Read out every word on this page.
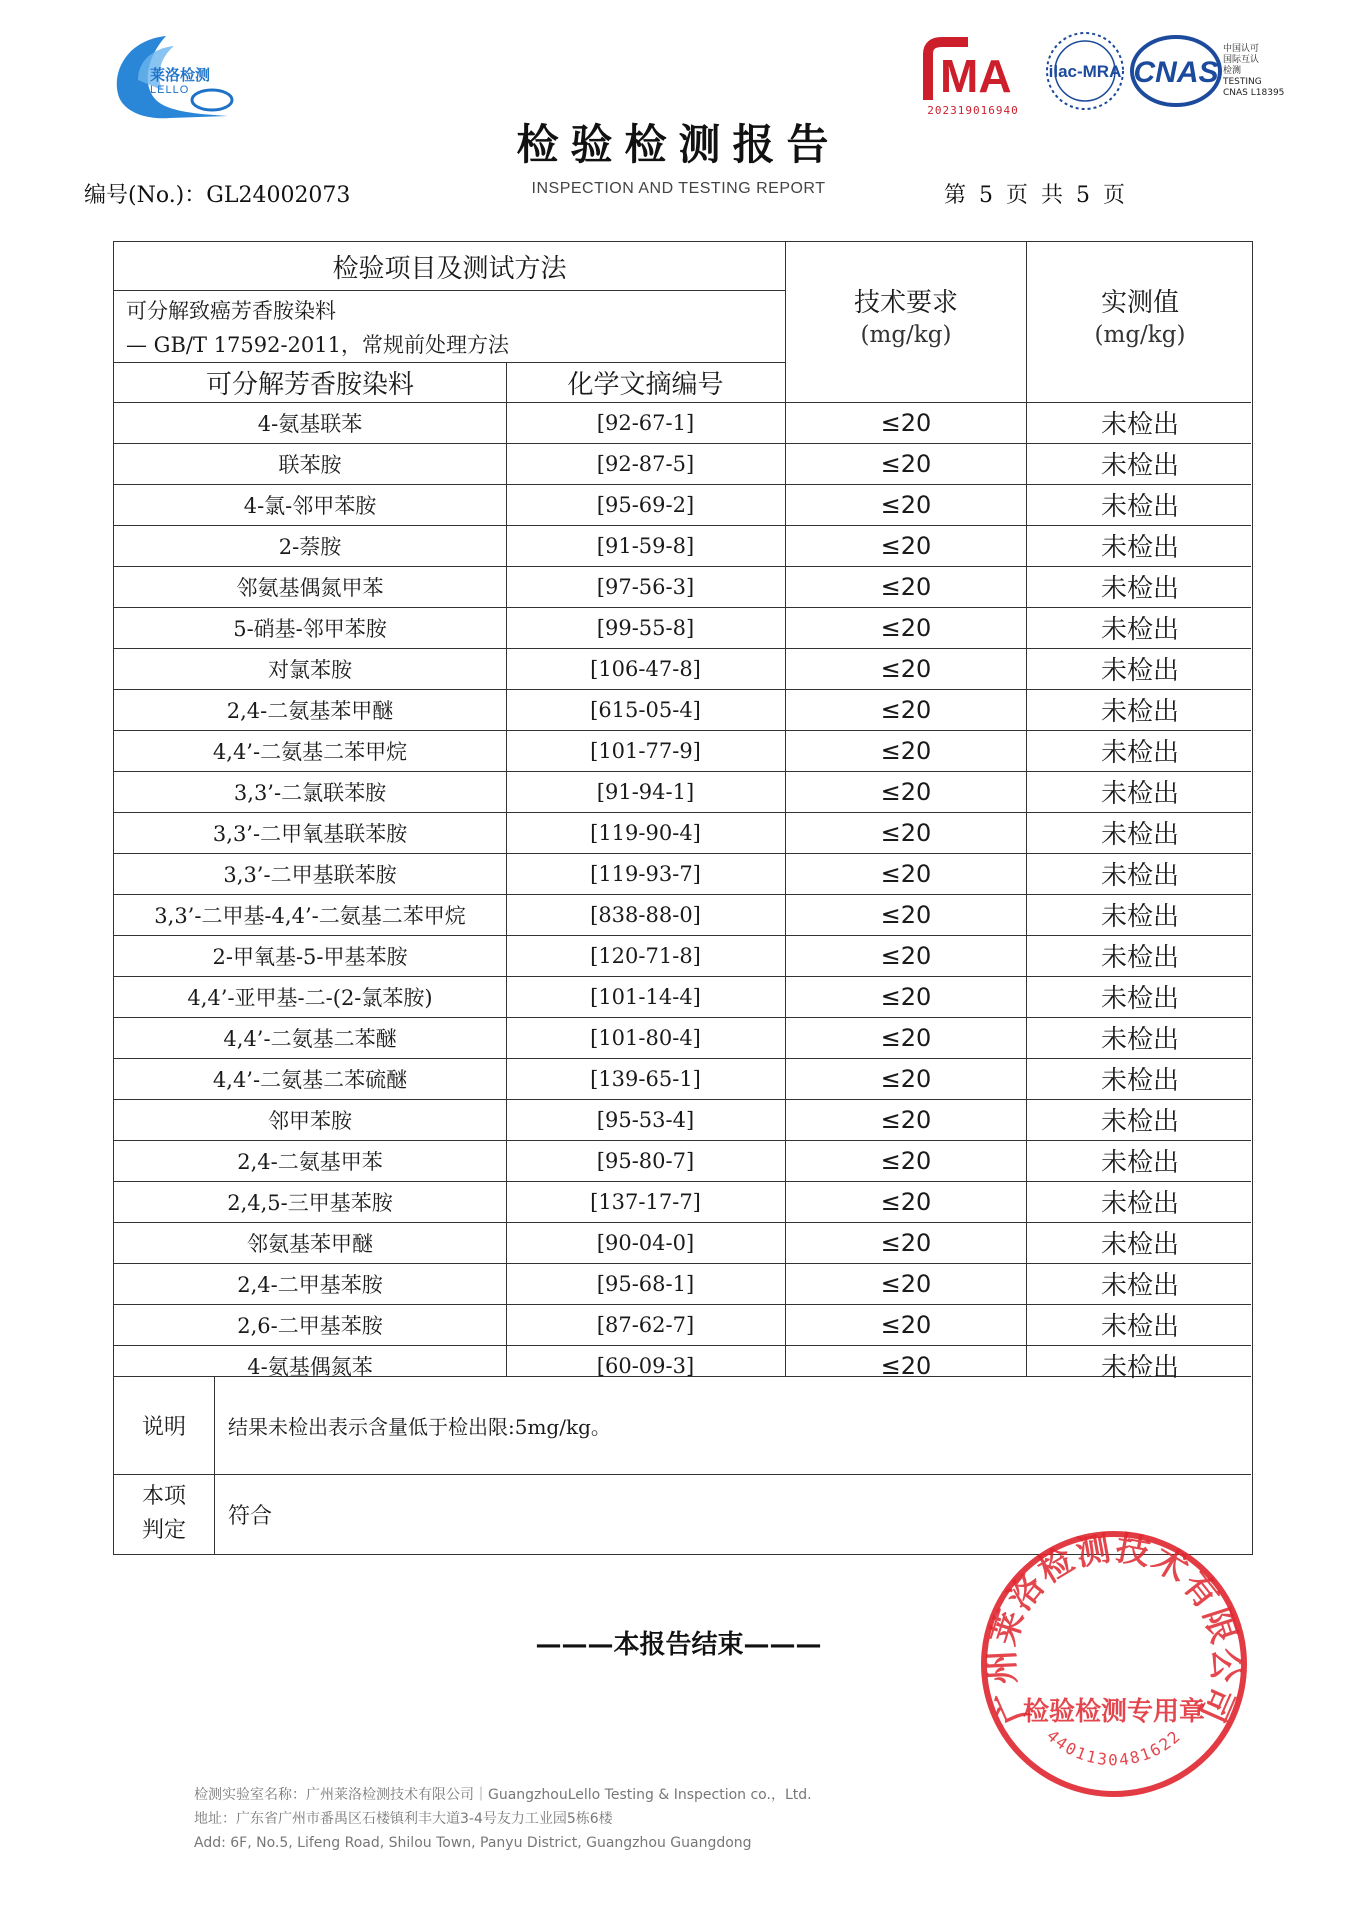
莱洛检测
LELLO	MA
202319016940
ilac-MRA CNAS
中国认可
国际互认
检测
TESTING
CNAS L18395
检验检测报告
编号(No.)：GL24002073	INSPECTION AND TESTING REPORT	第 5 页 共 5 页
检验项目及测试方法
可分解致癌芳香胺染料
— GB/T 17592-2011，常规前处理方法
可分解芳香胺染料	化学文摘编号
技术要求
(mg/kg)
实测值
(mg/kg)
4-氨基联苯	[92-67-1]	≤20	未检出
联苯胺	[92-87-5]	≤20	未检出
4-氯-邻甲苯胺	[95-69-2]	≤20	未检出
2-萘胺	[91-59-8]	≤20	未检出
邻氨基偶氮甲苯	[97-56-3]	≤20	未检出
5-硝基-邻甲苯胺	[99-55-8]	≤20	未检出
对氯苯胺	[106-47-8]	≤20	未检出
2,4-二氨基苯甲醚	[615-05-4]	≤20	未检出
4,4’-二氨基二苯甲烷	[101-77-9]	≤20	未检出
3,3’-二氯联苯胺	[91-94-1]	≤20	未检出
3,3’-二甲氧基联苯胺	[119-90-4]	≤20	未检出
3,3’-二甲基联苯胺	[119-93-7]	≤20	未检出
3,3’-二甲基-4,4’-二氨基二苯甲烷	[838-88-0]	≤20	未检出
2-甲氧基-5-甲基苯胺	[120-71-8]	≤20	未检出
4,4’-亚甲基-二-(2-氯苯胺)	[101-14-4]	≤20	未检出
4,4’-二氨基二苯醚	[101-80-4]	≤20	未检出
4,4’-二氨基二苯硫醚	[139-65-1]	≤20	未检出
邻甲苯胺	[95-53-4]	≤20	未检出
2,4-二氨基甲苯	[95-80-7]	≤20	未检出
2,4,5-三甲基苯胺	[137-17-7]	≤20	未检出
邻氨基苯甲醚	[90-04-0]	≤20	未检出
2,4-二甲基苯胺	[95-68-1]	≤20	未检出
2,6-二甲基苯胺	[87-62-7]	≤20	未检出
4-氨基偶氮苯	[60-09-3]	≤20	未检出
说明	结果未检出表示含量低于检出限:5mg/kg。
本项
判定
符合
———本报告结束———
广州莱洛检测技术有限公司
检验检测专用章
4401130481622
检测实验室名称：广州莱洛检测技术有限公司｜GuangzhouLello Testing & Inspection co.，Ltd.
地址：广东省广州市番禺区石楼镇利丰大道3-4号友力工业园5栋6楼
Add: 6F, No.5, Lifeng Road, Shilou Town, Panyu District, Guangzhou Guangdong
